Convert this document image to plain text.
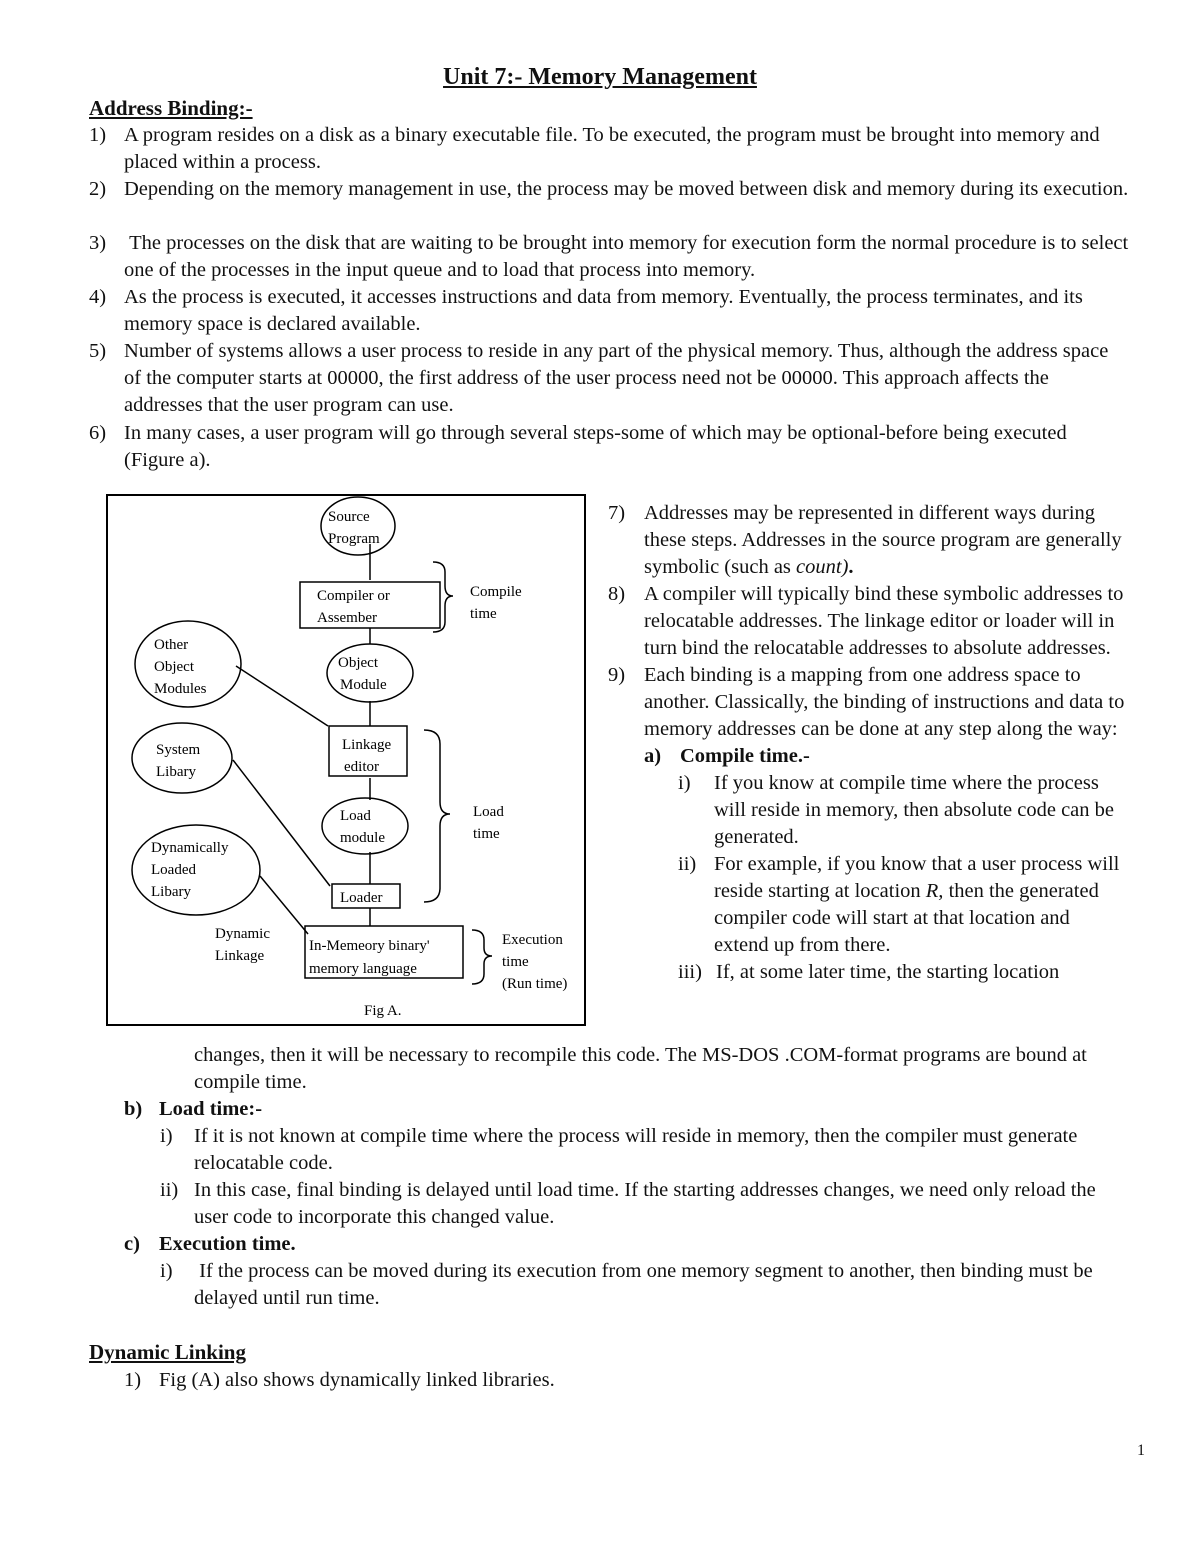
Unit 7:- Memory Management
Address Binding:-
1) A program resides on a disk as a binary executable file. To be executed, the program must be brought into memory and placed within a process.
2) Depending on the memory management in use, the process may be moved between disk and memory during its execution.
3) The processes on the disk that are waiting to be brought into memory for execution form the normal procedure is to select one of the processes in the input queue and to load that process into memory.
4) As the process is executed, it accesses instructions and data from memory. Eventually, the process terminates, and its memory space is declared available.
5) Number of systems allows a user process to reside in any part of the physical memory. Thus, although the address space of the computer starts at 00000, the first address of the user process need not be 00000. This approach affects the addresses that the user program can use.
6) In many cases, a user program will go through several steps-some of which may be optional-before being executed (Figure a).
Source Program
Compiler or Assember
Compile time
Object Module
Other Object Modules
Linkage editor
System Libary
Load module
Load time
Dynamically Loaded Libary	Loader
Dynamic Linkage
In-Memeory binary' memory language
Execution time (Run time)
Fig A.
7) Addresses may be represented in different ways during these steps. Addresses in the source program are generally symbolic (such as count).
8) A compiler will typically bind these symbolic addresses to relocatable addresses. The linkage editor or loader will in turn bind the relocatable addresses to absolute addresses.
9) Each binding is a mapping from one address space to another. Classically, the binding of instructions and data to memory addresses can be done at any step along the way:
a) Compile time.-
i) If you know at compile time where the process will reside in memory, then absolute code can be generated.
ii) For example, if you know that a user process will reside starting at location R, then the generated compiler code will start at that location and extend up from there.
iii) If, at some later time, the starting location
changes, then it will be necessary to recompile this code. The MS-DOS .COM-format programs are bound at compile time.
b) Load time:-
i) If it is not known at compile time where the process will reside in memory, then the compiler must generate relocatable code.
ii) In this case, final binding is delayed until load time. If the starting addresses changes, we need only reload the user code to incorporate this changed value.
c) Execution time.
i) If the process can be moved during its execution from one memory segment to another, then binding must be delayed until run time.
Dynamic Linking
1) Fig (A) also shows dynamically linked libraries.
1
